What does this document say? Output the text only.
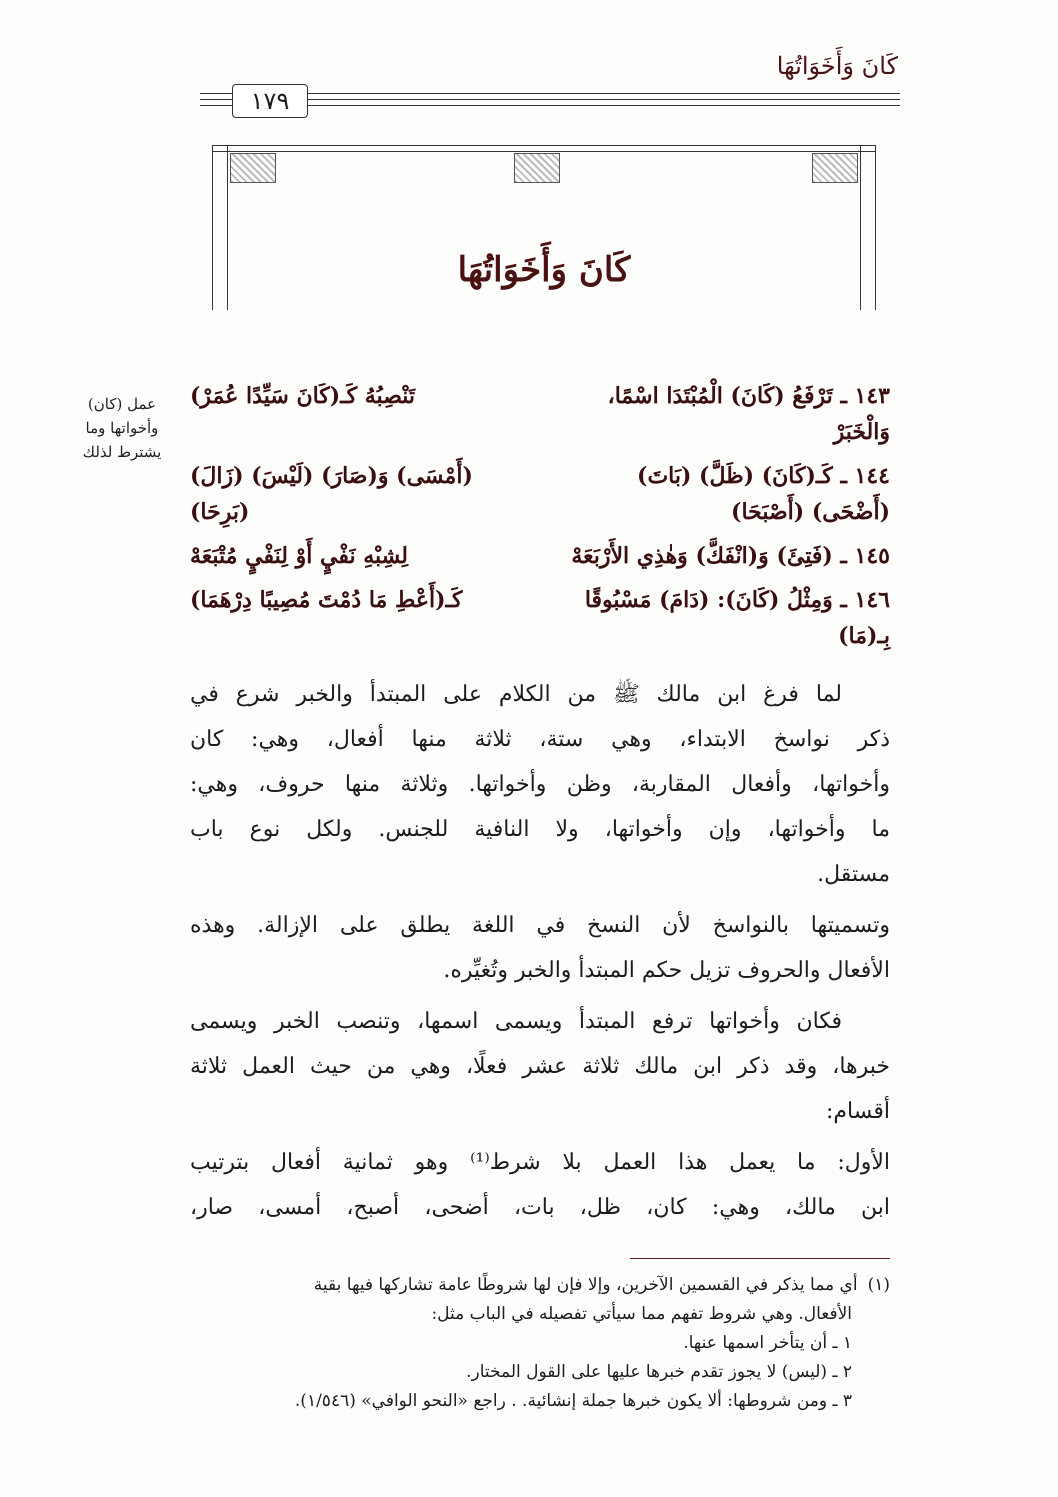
كَانَ وَأَخَوَاتُهَا
١٧٩
كَانَ وَأَخَوَاتُهَا
عمل (كان) وأخواتها وما يشترط لذلك
١٤٣ ـ تَرْفَعُ (كَانَ) الْمُبْتَدَا اسْمًا، وَالْخَبَرْ
تَنْصِبُهُ كَـ(كَانَ سَيِّدًا عُمَرْ)
١٤٤ ـ كَـ(كَانَ) (ظَلَّ) (بَاتَ) (أَضْحَى) (أَصْبَحَا)
(أَمْسَى) وَ(صَارَ) (لَيْسَ) (زَالَ) (بَرِحَا)
١٤٥ ـ (فَتِئَ) وَ(انْفَكَّ) وَهٰذِي الأَرْبَعَهْ
لِشِبْهِ نَفْيٍ أَوْ لِنَفْيٍ مُتْبَعَهْ
١٤٦ ـ وَمِثْلُ (كَانَ): (دَامَ) مَسْبُوقًا بِـ(مَا)
كَـ(أَعْطِ مَا دُمْتَ مُصِيبًا دِرْهَمَا)
لما فرغ ابن مالك ﷺ من الكلام على المبتدأ والخبر شرع في
ذكر نواسخ الابتداء، وهي ستة، ثلاثة منها أفعال، وهي: كان
وأخواتها، وأفعال المقاربة، وظن وأخواتها. وثلاثة منها حروف، وهي:
ما وأخواتها، وإن وأخواتها، ولا النافية للجنس. ولكل نوع باب
مستقل.
وتسميتها بالنواسخ لأن النسخ في اللغة يطلق على الإزالة. وهذه
الأفعال والحروف تزيل حكم المبتدأ والخبر وتُغيِّره.
فكان وأخواتها ترفع المبتدأ ويسمى اسمها، وتنصب الخبر ويسمى
خبرها، وقد ذكر ابن مالك ثلاثة عشر فعلًا، وهي من حيث العمل ثلاثة
أقسام:
الأول: ما يعمل هذا العمل بلا شرط⁽¹⁾ وهو ثمانية أفعال بترتيب
ابن مالك، وهي: كان، ظل، بات، أضحى، أصبح، أمسى، صار،
(١)
أي مما يذكر في القسمين الآخرين، وإلا فإن لها شروطًا عامة تشاركها فيها بقية
الأفعال. وهي شروط تفهم مما سيأتي تفصيله في الباب مثل:
١ ـ أن يتأخر اسمها عنها.
٢ ـ (ليس) لا يجوز تقدم خبرها عليها على القول المختار.
٣ ـ ومن شروطها: ألا يكون خبرها جملة إنشائية. . راجع «النحو الوافي» (١/٥٤٦).
